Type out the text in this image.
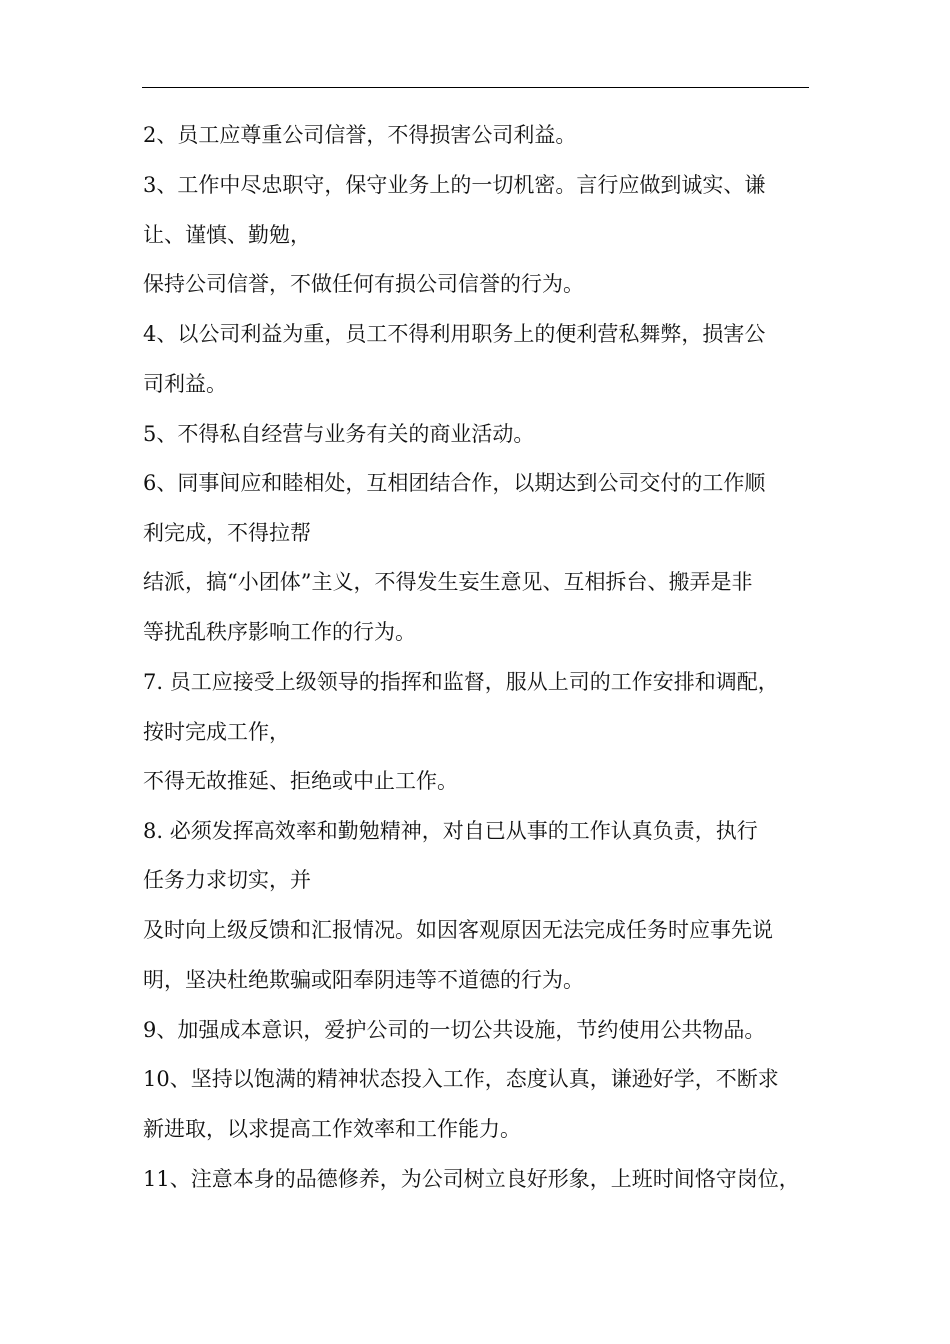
2、员工应尊重公司信誉，不得损害公司利益。
3、工作中尽忠职守，保守业务上的一切机密。言行应做到诚实、谦
让、谨慎、勤勉，
保持公司信誉，不做任何有损公司信誉的行为。
4、以公司利益为重，员工不得利用职务上的便利营私舞弊，损害公
司利益。
5、不得私自经营与业务有关的商业活动。
6、同事间应和睦相处，互相团结合作，以期达到公司交付的工作顺
利完成，不得拉帮
结派，搞“小团体”主义，不得发生妄生意见、互相拆台、搬弄是非
等扰乱秩序影响工作的行为。
7. 员工应接受上级领导的指挥和监督，服从上司的工作安排和调配，
按时完成工作，
不得无故推延、拒绝或中止工作。
8. 必须发挥高效率和勤勉精神，对自已从事的工作认真负责，执行
任务力求切实，并
及时向上级反馈和汇报情况。如因客观原因无法完成任务时应事先说
明，坚决杜绝欺骗或阳奉阴违等不道德的行为。
9、加强成本意识，爱护公司的一切公共设施，节约使用公共物品。
10、坚持以饱满的精神状态投入工作，态度认真，谦逊好学，不断求
新进取，以求提高工作效率和工作能力。
11、注意本身的品德修养，为公司树立良好形象，上班时间恪守岗位，
